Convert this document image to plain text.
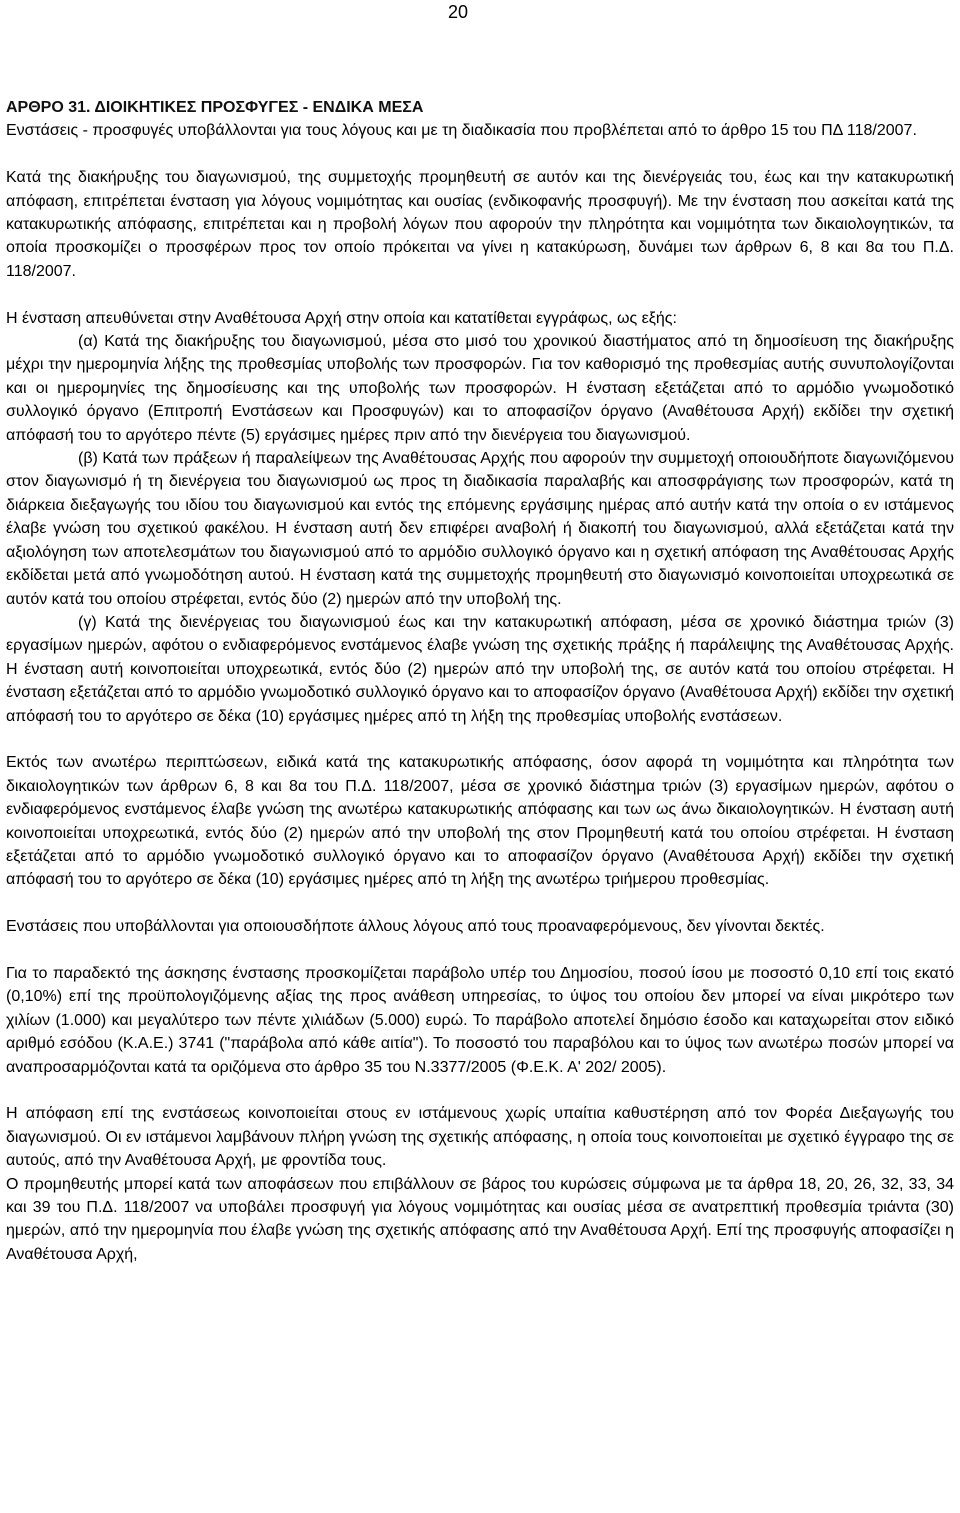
20

ΑΡΘΡΟ 31. ΔΙΟΙΚΗΤΙΚΕΣ ΠΡΟΣΦΥΓΕΣ - ΕΝΔΙΚΑ ΜΕΣΑ

Ενστάσεις - προσφυγές υποβάλλονται για τους λόγους και με τη διαδικασία που προβλέπεται από το άρθρο 15 του ΠΔ 118/2007.

Κατά της διακήρυξης του διαγωνισμού, της συμμετοχής προμηθευτή σε αυτόν και της διενέργειάς του, έως και την κατακυρωτική απόφαση, επιτρέπεται ένσταση για λόγους νομιμότητας και ουσίας (ενδικοφανής προσφυγή). Με την ένσταση που ασκείται κατά της κατακυρωτικής απόφασης, επιτρέπεται και η προβολή λόγων που αφορούν την πληρότητα και νομιμότητα των δικαιολογητικών, τα οποία προσκομίζει ο προσφέρων προς τον οποίο πρόκειται να γίνει η κατακύρωση, δυνάμει των άρθρων 6, 8 και 8α του Π.Δ. 118/2007.

Η ένσταση απευθύνεται στην Αναθέτουσα Αρχή στην οποία και κατατίθεται εγγράφως, ως εξής:

(α) Κατά της διακήρυξης του διαγωνισμού, μέσα στο μισό του χρονικού διαστήματος από τη δημοσίευση της διακήρυξης μέχρι την ημερομηνία λήξης της προθεσμίας υποβολής των προσφορών. Για τον καθορισμό της προθεσμίας αυτής συνυπολογίζονται και οι ημερομηνίες της δημοσίευσης και της υποβολής των προσφορών. Η ένσταση εξετάζεται από το αρμόδιο γνωμοδοτικό συλλογικό όργανο (Επιτροπή Ενστάσεων και Προσφυγών) και το αποφασίζον όργανο (Αναθέτουσα Αρχή) εκδίδει την σχετική απόφασή του το αργότερο πέντε (5) εργάσιμες ημέρες πριν από την διενέργεια του διαγωνισμού.

(β) Κατά των πράξεων ή παραλείψεων της Αναθέτουσας Αρχής που αφορούν την συμμετοχή οποιουδήποτε διαγωνιζόμενου στον διαγωνισμό ή τη διενέργεια του διαγωνισμού ως προς τη διαδικασία παραλαβής και αποσφράγισης των προσφορών, κατά τη διάρκεια διεξαγωγής του ιδίου του διαγωνισμού και εντός της επόμενης εργάσιμης ημέρας από αυτήν κατά την οποία ο εν ιστάμενος έλαβε γνώση του σχετικού φακέλου. Η ένσταση αυτή δεν επιφέρει αναβολή ή διακοπή του διαγωνισμού, αλλά εξετάζεται κατά την αξιολόγηση των αποτελεσμάτων του διαγωνισμού από το αρμόδιο συλλογικό όργανο και η σχετική απόφαση της Αναθέτουσας Αρχής εκδίδεται μετά από γνωμοδότηση αυτού. Η ένσταση κατά της συμμετοχής προμηθευτή στο διαγωνισμό κοινοποιείται υποχρεωτικά σε αυτόν κατά του οποίου στρέφεται, εντός δύο (2) ημερών από την υποβολή της.

(γ) Κατά της διενέργειας του διαγωνισμού έως και την κατακυρωτική απόφαση, μέσα σε χρονικό διάστημα τριών (3) εργασίμων ημερών, αφότου ο ενδιαφερόμενος ενστάμενος έλαβε γνώση της σχετικής πράξης ή παράλειψης της Αναθέτουσας Αρχής. Η ένσταση αυτή κοινοποιείται υποχρεωτικά, εντός δύο (2) ημερών από την υποβολή της, σε αυτόν κατά του οποίου στρέφεται. Η ένσταση εξετάζεται από το αρμόδιο γνωμοδοτικό συλλογικό όργανο και το αποφασίζον όργανο (Αναθέτουσα Αρχή) εκδίδει την σχετική απόφασή του το αργότερο σε δέκα (10) εργάσιμες ημέρες από τη λήξη της προθεσμίας υποβολής ενστάσεων.

Εκτός των ανωτέρω περιπτώσεων, ειδικά κατά της κατακυρωτικής απόφασης, όσον αφορά τη νομιμότητα και πληρότητα των δικαιολογητικών των άρθρων 6, 8 και 8α του Π.Δ. 118/2007, μέσα σε χρονικό διάστημα τριών (3) εργασίμων ημερών, αφότου ο ενδιαφερόμενος ενστάμενος έλαβε γνώση της ανωτέρω κατακυρωτικής απόφασης και των ως άνω δικαιολογητικών. Η ένσταση αυτή κοινοποιείται υποχρεωτικά, εντός δύο (2) ημερών από την υποβολή της στον Προμηθευτή κατά του οποίου στρέφεται. Η ένσταση εξετάζεται από το αρμόδιο γνωμοδοτικό συλλογικό όργανο και το αποφασίζον όργανο (Αναθέτουσα Αρχή) εκδίδει την σχετική απόφασή του το αργότερο σε δέκα (10) εργάσιμες ημέρες από τη λήξη της ανωτέρω τριήμερου προθεσμίας.

Ενστάσεις που υποβάλλονται για οποιουσδήποτε άλλους λόγους από τους προαναφερόμενους, δεν γίνονται δεκτές.

Για το παραδεκτό της άσκησης ένστασης προσκομίζεται παράβολο υπέρ του Δημοσίου, ποσού ίσου με ποσοστό 0,10 επί τοις εκατό (0,10%) επί της προϋπολογιζόμενης αξίας της προς ανάθεση υπηρεσίας, το ύψος του οποίου δεν μπορεί να είναι μικρότερο των χιλίων (1.000) και μεγαλύτερο των πέντε χιλιάδων (5.000) ευρώ. Το παράβολο αποτελεί δημόσιο έσοδο και καταχωρείται στον ειδικό αριθμό εσόδου (Κ.Α.Ε.) 3741 ("παράβολα από κάθε αιτία"). Το ποσοστό του παραβόλου και το ύψος των ανωτέρω ποσών μπορεί να αναπροσαρμόζονται κατά τα οριζόμενα στο άρθρο 35 του Ν.3377/2005 (Φ.Ε.Κ. Α' 202/ 2005).

Η απόφαση επί της ενστάσεως κοινοποιείται στους εν ιστάμενους χωρίς υπαίτια καθυστέρηση από τον Φορέα Διεξαγωγής του διαγωνισμού. Οι εν ιστάμενοι λαμβάνουν πλήρη γνώση της σχετικής απόφασης, η οποία τους κοινοποιείται με σχετικό έγγραφο της σε αυτούς, από την Αναθέτουσα Αρχή, με φροντίδα τους.

Ο προμηθευτής μπορεί κατά των αποφάσεων που επιβάλλουν σε βάρος του κυρώσεις σύμφωνα με τα άρθρα 18, 20, 26, 32, 33, 34 και 39 του Π.Δ. 118/2007 να υποβάλει προσφυγή για λόγους νομιμότητας και ουσίας μέσα σε ανατρεπτική προθεσμία τριάντα (30) ημερών, από την ημερομηνία που έλαβε γνώση της σχετικής απόφασης από την Αναθέτουσα Αρχή. Επί της προσφυγής αποφασίζει η Αναθέτουσα Αρχή,
